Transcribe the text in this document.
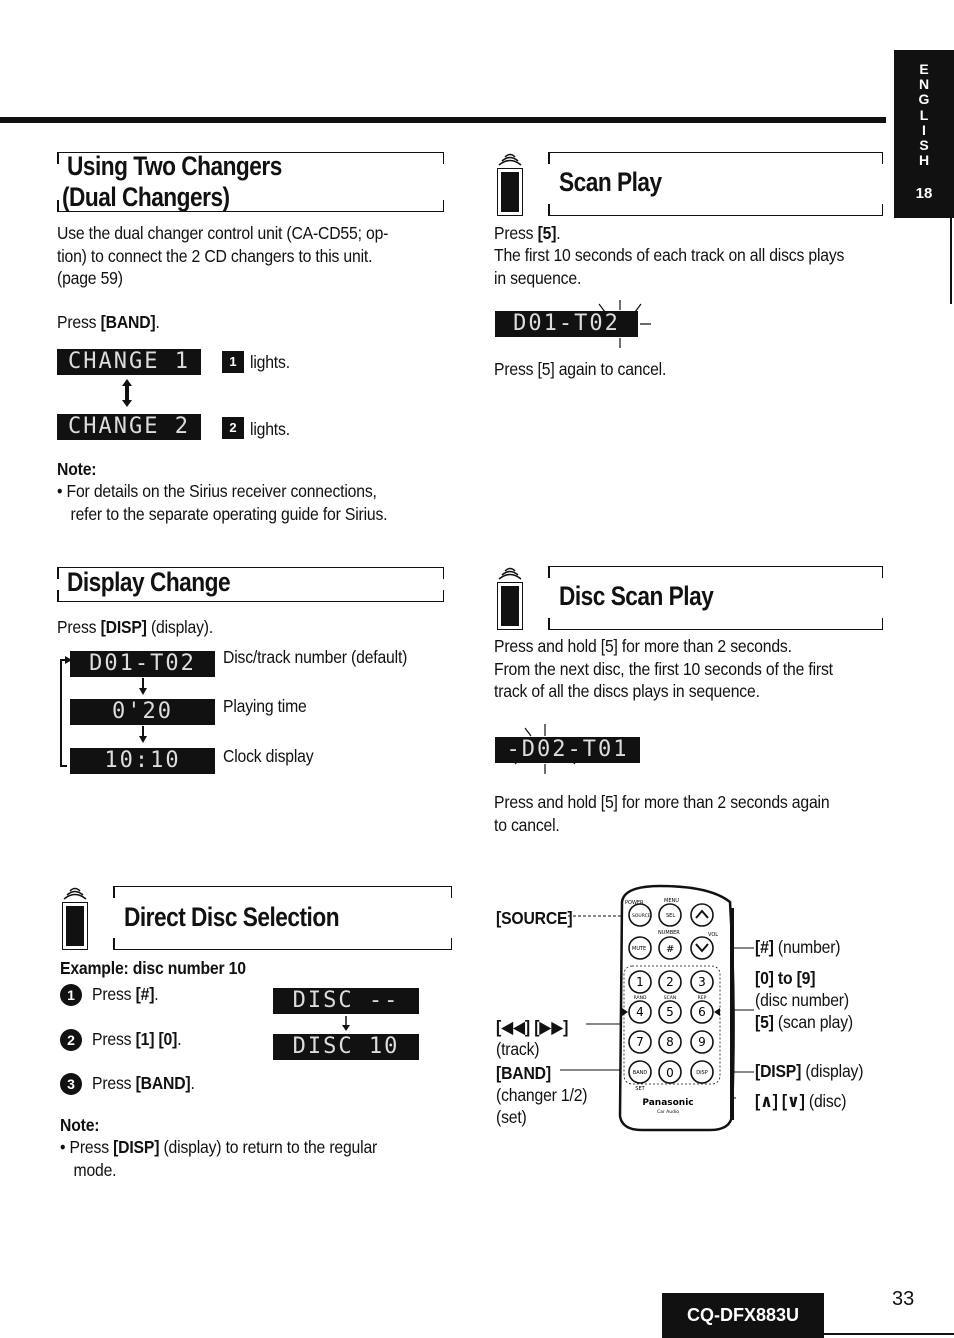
E
N
G
L
I
S
H
18
Using Two Changers
(Dual Changers)
Use the dual changer control unit (CA-CD55; op-
tion) to connect the 2 CD changers to this unit.
(page 59)
Press [BAND].
CHANGE 1	1 lights.
CHANGE 2	2 lights.
Note:
• For details on the Sirius receiver connections,
refer to the separate operating guide for Sirius.
Scan Play
Press [5].
The first 10 seconds of each track on all discs plays
in sequence.
D01-T02
Press [5] again to cancel.
Display Change
Press [DISP] (display).
D01-T02	Disc/track number (default)
0'20	Playing time
10:10	Clock display
Disc Scan Play
Press and hold [5] for more than 2 seconds.
From the next disc, the first 10 seconds of the first
track of all the discs plays in sequence.
-D02-T01
Press and hold [5] for more than 2 seconds again
to cancel.
Direct Disc Selection
Example: disc number 10
1 Press [#].
2 Press [1] [0].
3 Press [BAND].
DISC --
DISC 10
Note:
• Press [DISP] (display) to return to the regular
mode.
[SOURCE]
[◀◀] [▶▶]
(track)
[BAND]
(changer 1/2)
(set)
[#] (number)
[0] to [9]
(disc number)
[5] (scan play)
[DISP] (display)
[∧] [∨] (disc)
POWER	MENU
SOURCE	SEL
NUMBER	VOL
MUTE #
1 2 3
4 5 6
7 8 9
RAND	SCAN	REP
BAND 0	DISP
SET
Panasonic
Car Audio
CQ-DFX883U
33
